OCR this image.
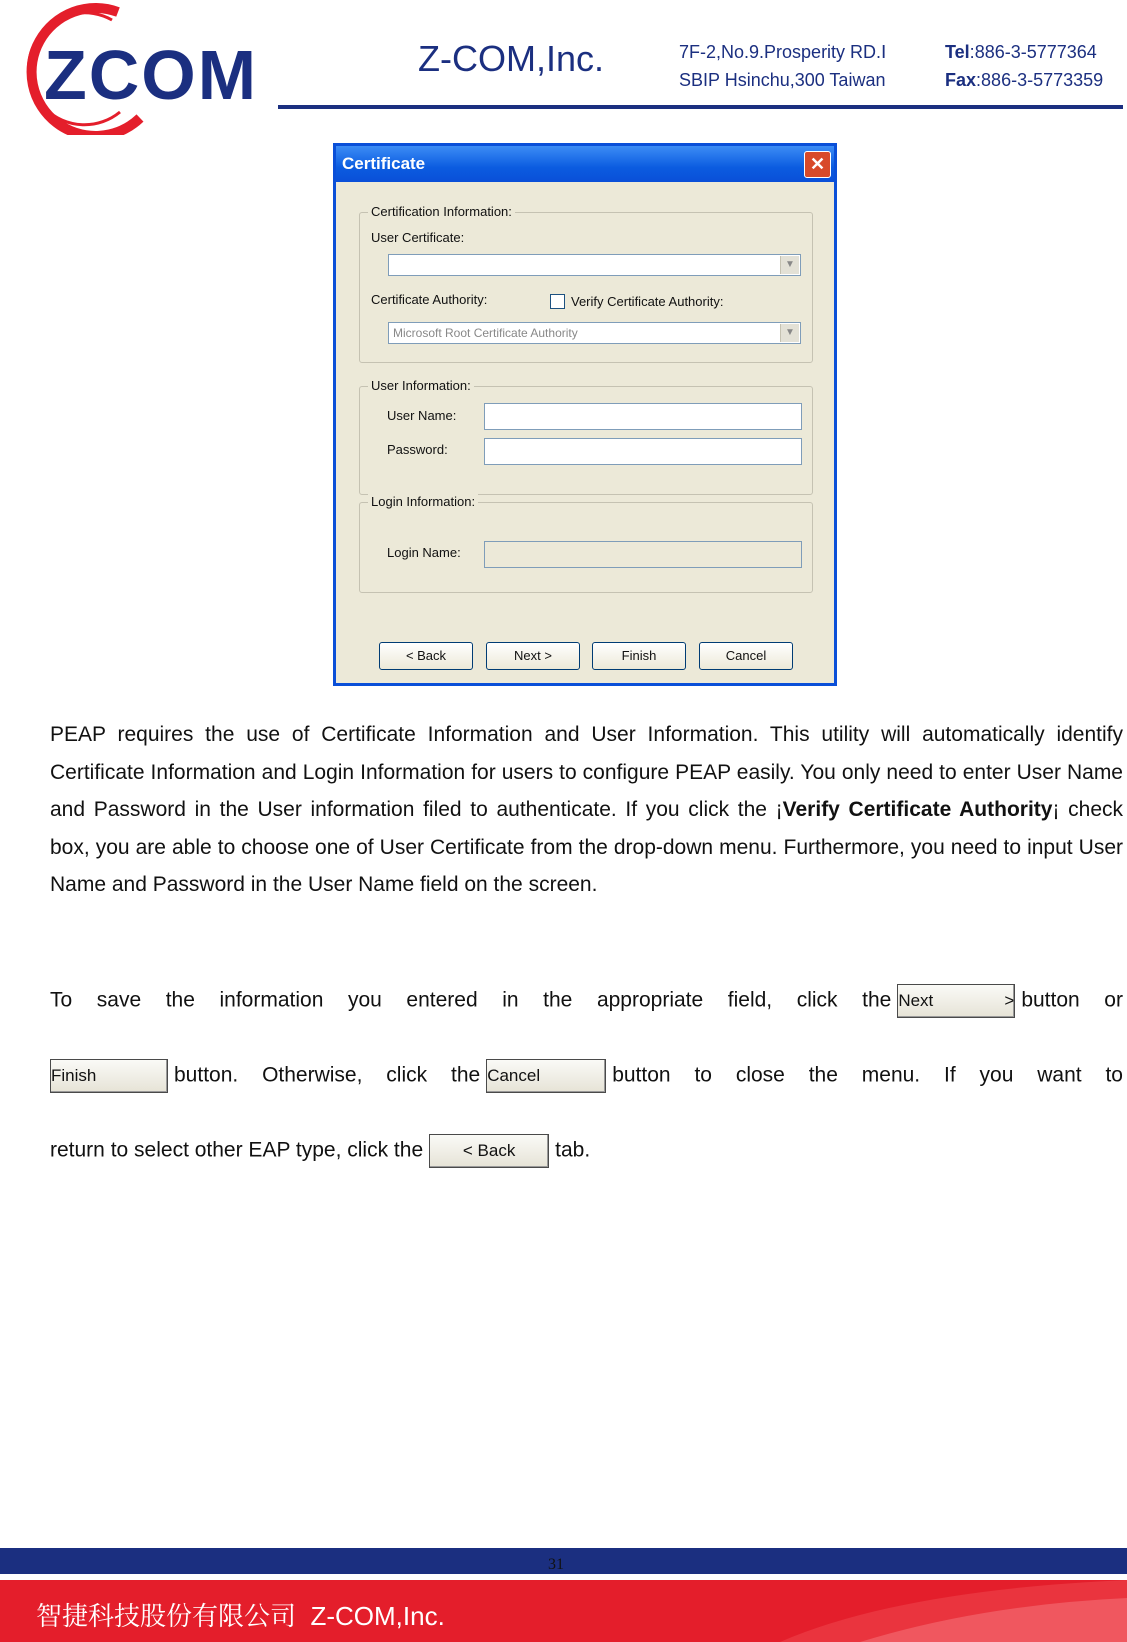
ZCOM	Z-COM,Inc.	7F-2,No.9.Prosperity RD.Ⅰ
SBIP Hsinchu,300 Taiwan
Tel:886-3-5777364
Fax:886-3-5773359
Certificate	✕
Certification Information:
User Certificate:
▼
Certificate Authority:	Verify Certificate Authority:
Microsoft Root Certificate Authority	▼
User Information:
User Name:
Password:
Login Information:
Login Name:
< Back	Next >	Finish	Cancel
PEAP requires the use of Certificate Information and User Information. This utility will automatically identify Certificate Information and Login Information for users to configure PEAP easily. You only need to enter User Name and Password in the User information filed to authenticate. If you click the ¡Verify Certificate Authority¡ check box, you are able to choose one of User Certificate from the drop-down menu. Furthermore, you need to input User Name and Password in the User Name field on the screen.
To save the information you entered in the appropriate field, click the Next > button or
Finish	button. Otherwise, click the Cancel	button to close the menu. If you want to
return to select other EAP type, click the < Back tab.
31
智捷科技股份有限公司 Z-COM,Inc.
